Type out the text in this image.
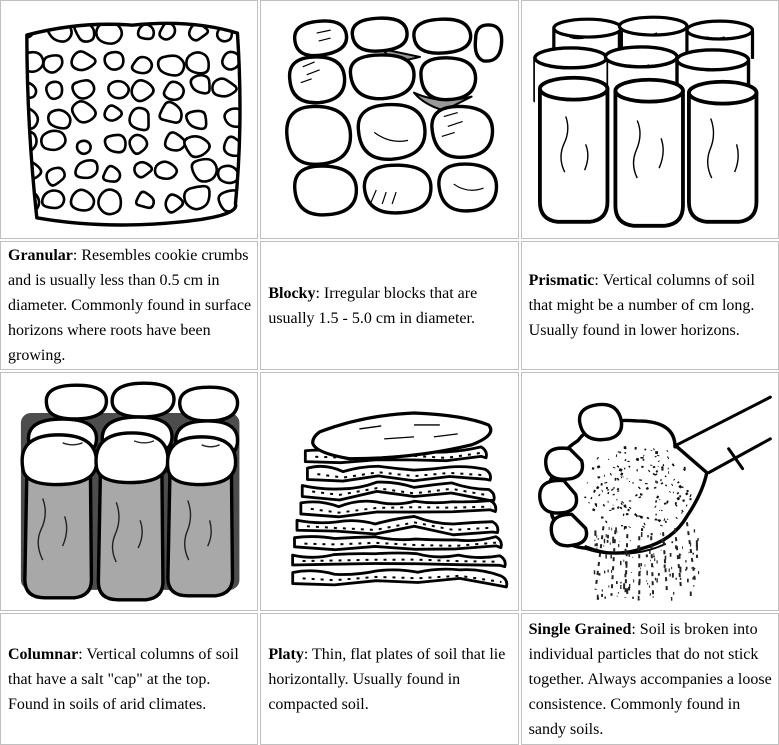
Granular: Resembles cookie crumbs and is usually less than 0.5 cm in diameter. Commonly found in surface horizons where roots have been growing.

Blocky: Irregular blocks that are usually 1.5 - 5.0 cm in diameter.

Prismatic: Vertical columns of soil that might be a number of cm long. Usually found in lower horizons.

Columnar: Vertical columns of soil that have a salt "cap" at the top. Found in soils of arid climates.

Platy: Thin, flat plates of soil that lie horizontally. Usually found in compacted soil.

Single Grained: Soil is broken into individual particles that do not stick together. Always accompanies a loose consistence. Commonly found in sandy soils.
